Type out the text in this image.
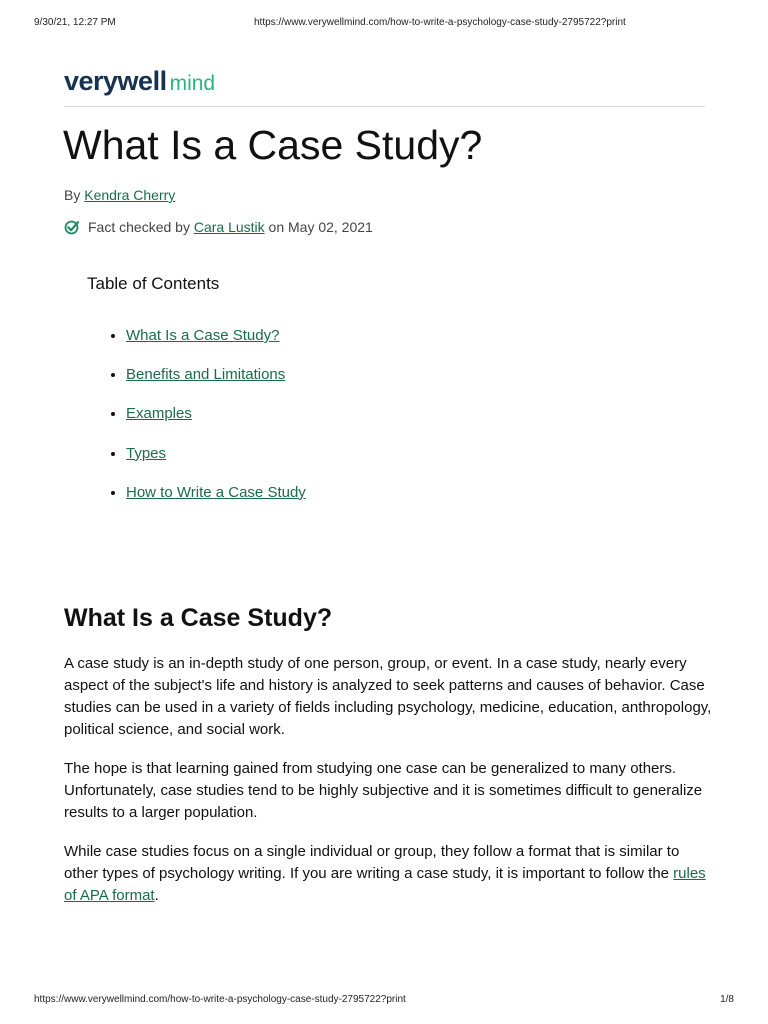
9/30/21, 12:27 PM	https://www.verywellmind.com/how-to-write-a-psychology-case-study-2795722?print
verywell mind
What Is a Case Study?
By Kendra Cherry
Fact checked by
Cara Lustik
on May 02, 2021
Table of Contents
• What Is a Case Study?
• Benefits and Limitations
• Examples
• Types
• How to Write a Case Study
What Is a Case Study?

A case study is an in-depth study of one person, group, or event. In a case study, nearly every aspect of the subject's life and history is analyzed to seek patterns and causes of behavior. Case studies can be used in a variety of fields including psychology, medicine, education, anthropology, political science, and social work.

The hope is that learning gained from studying one case can be generalized to many others. Unfortunately, case studies tend to be highly subjective and it is sometimes difficult to generalize results to a larger population.

While case studies focus on a single individual or group, they follow a format that is similar to other types of psychology writing. If you are writing a case study, it is important to follow the rules of APA format.

https://www.verywellmind.com/how-to-write-a-psychology-case-study-2795722?print	1/8
